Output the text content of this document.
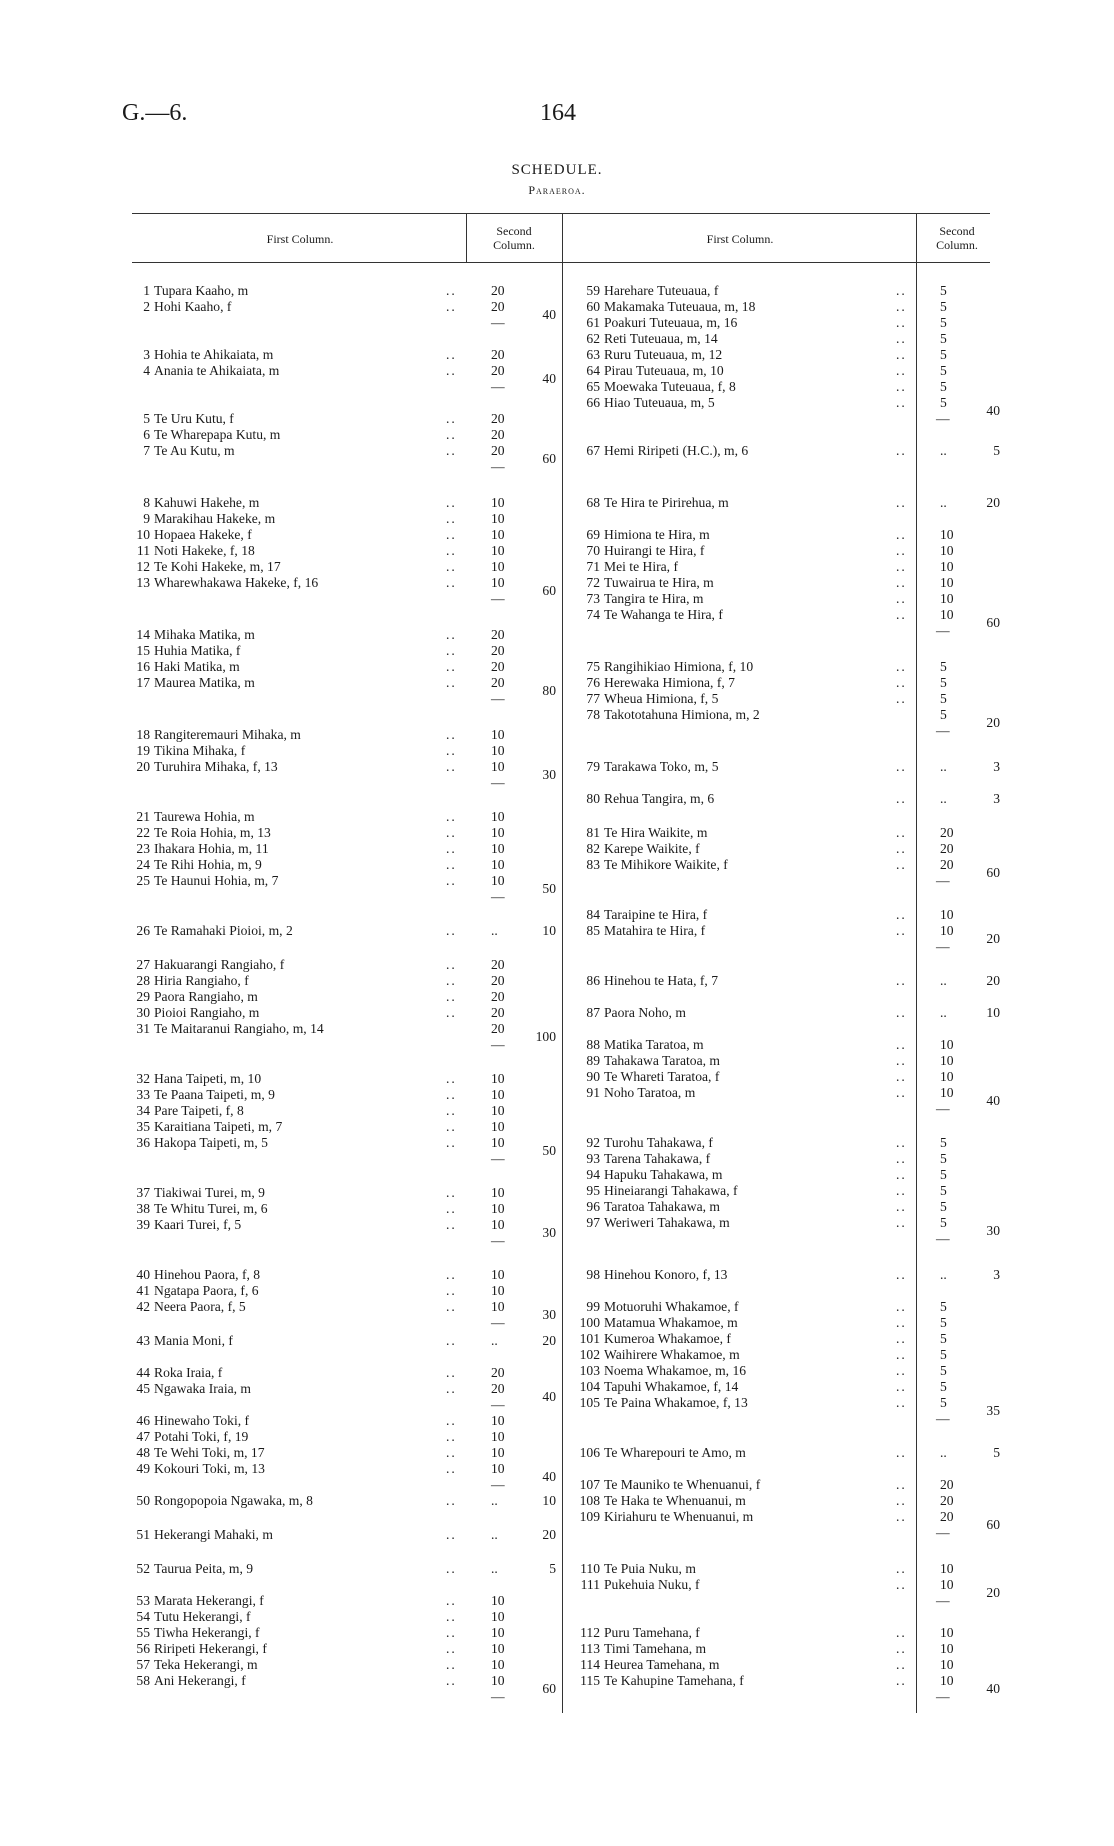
G.—6.	164
SCHEDULE.
Paraeroa.
First Column.
Second Column.	First Column.
Second Column.
1 Tupara Kaaho, m	..	20
2 Hohi Kaaho, f	..	20
—
40
3 Hohia te Ahikaiata, m	..	20
4 Anania te Ahikaiata, m	..	20
—
40
5 Te Uru Kutu, f	..	20
6 Te Wharepapa Kutu, m	..	20
7 Te Au Kutu, m	..	20
—
60
8 Kahuwi Hakehe, m	..	10
9 Marakihau Hakeke, m	..	10
10 Hopaea Hakeke, f	..	10
11 Noti Hakeke, f, 18	..	10
12 Te Kohi Hakeke, m, 17	..	10
13 Wharewhakawa Hakeke, f, 16	..	10
—
60
14 Mihaka Matika, m	..	20
15 Huhia Matika, f	..	20
16 Haki Matika, m	..	20
17 Maurea Matika, m	..	20
—
80
18 Rangiteremauri Mihaka, m	..	10
19 Tikina Mihaka, f	..	10
20 Turuhira Mihaka, f, 13	..	10
—
30
21 Taurewa Hohia, m	..	10
22 Te Roia Hohia, m, 13	..	10
23 Ihakara Hohia, m, 11	..	10
24 Te Rihi Hohia, m, 9	..	10
25 Te Haunui Hohia, m, 7	..	10
—
50
26 Te Ramahaki Pioioi, m, 2	..	..	10
27 Hakuarangi Rangiaho, f	..	20
28 Hiria Rangiaho, f	..	20
29 Paora Rangiaho, m	..	20
30 Pioioi Rangiaho, m	..	20
31 Te Maitaranui Rangiaho, m, 14	20
—
100
32 Hana Taipeti, m, 10	..	10
33 Te Paana Taipeti, m, 9	..	10
34 Pare Taipeti, f, 8	..	10
35 Karaitiana Taipeti, m, 7	..	10
36 Hakopa Taipeti, m, 5	..	10
—
50
37 Tiakiwai Turei, m, 9	..	10
38 Te Whitu Turei, m, 6	..	10
39 Kaari Turei, f, 5	..	10
—
30
40 Hinehou Paora, f, 8	..	10
41 Ngatapa Paora, f, 6	..	10
42 Neera Paora, f, 5	..	10
—
30
43 Mania Moni, f	..	..	20
44 Roka Iraia, f	..	20
45 Ngawaka Iraia, m	..	20
—
40
46 Hinewaho Toki, f	..	10
47 Potahi Toki, f, 19	..	10
48 Te Wehi Toki, m, 17	..	10
49 Kokouri Toki, m, 13	..	10
—
40
50 Rongopopoia Ngawaka, m, 8	..	..	10
51 Hekerangi Mahaki, m	..	..	20
52 Taurua Peita, m, 9	..	..	5
53 Marata Hekerangi, f	..	10
54 Tutu Hekerangi, f	..	10
55 Tiwha Hekerangi, f	..	10
56 Riripeti Hekerangi, f	..	10
57 Teka Hekerangi, m	..	10
58 Ani Hekerangi, f	..	10
—
60
59 Harehare Tuteuaua, f	.. 5
60 Makamaka Tuteuaua, m, 18	.. 5
61 Poakuri Tuteuaua, m, 16	.. 5
62 Reti Tuteuaua, m, 14	.. 5
63 Ruru Tuteuaua, m, 12	.. 5
64 Pirau Tuteuaua, m, 10	.. 5
65 Moewaka Tuteuaua, f, 8	.. 5
66 Hiao Tuteuaua, m, 5	.. 5
—
40
67 Hemi Riripeti (H.C.), m, 6	.. ..	5
68 Te Hira te Pirirehua, m	.. ..	20
69 Himiona te Hira, m	.. 10
70 Huirangi te Hira, f	.. 10
71 Mei te Hira, f	.. 10
72 Tuwairua te Hira, m	.. 10
73 Tangira te Hira, m	.. 10
74 Te Wahanga te Hira, f	.. 10
—
60
75 Rangihikiao Himiona, f, 10	.. 5
76 Herewaka Himiona, f, 7	.. 5
77 Wheua Himiona, f, 5	.. 5
78 Takototahuna Himiona, m, 2	5
—
20
79 Tarakawa Toko, m, 5	.. ..	3
80 Rehua Tangira, m, 6	.. ..	3
81 Te Hira Waikite, m	.. 20
82 Karepe Waikite, f	.. 20
83 Te Mihikore Waikite, f	.. 20
—
60
84 Taraipine te Hira, f	.. 10
85 Matahira te Hira, f	.. 10
—
20
86 Hinehou te Hata, f, 7	.. ..	20
87 Paora Noho, m	.. ..	10
88 Matika Taratoa, m	.. 10
89 Tahakawa Taratoa, m	.. 10
90 Te Whareti Taratoa, f	.. 10
91 Noho Taratoa, m	.. 10
—
40
92 Turohu Tahakawa, f	.. 5
93 Tarena Tahakawa, f	.. 5
94 Hapuku Tahakawa, m	.. 5
95 Hineiarangi Tahakawa, f	.. 5
96 Taratoa Tahakawa, m	.. 5
97 Weriweri Tahakawa, m	.. 5
—
30
98 Hinehou Konoro, f, 13	.. ..	3
99 Motuoruhi Whakamoe, f	.. 5
100 Matamua Whakamoe, m	.. 5
101 Kumeroa Whakamoe, f	.. 5
102 Waihirere Whakamoe, m	.. 5
103 Noema Whakamoe, m, 16	.. 5
104 Tapuhi Whakamoe, f, 14	.. 5
105 Te Paina Whakamoe, f, 13	.. 5
—
35
106 Te Wharepouri te Amo, m	.. ..	5
107 Te Mauniko te Whenuanui, f	.. 20
108 Te Haka te Whenuanui, m	.. 20
109 Kiriahuru te Whenuanui, m	.. 20
—
60
110 Te Puia Nuku, m	.. 10
111 Pukehuia Nuku, f	.. 10
—
20
112 Puru Tamehana, f	.. 10
113 Timi Tamehana, m	.. 10
114 Heurea Tamehana, m	.. 10
115 Te Kahupine Tamehana, f	.. 10
—
40
